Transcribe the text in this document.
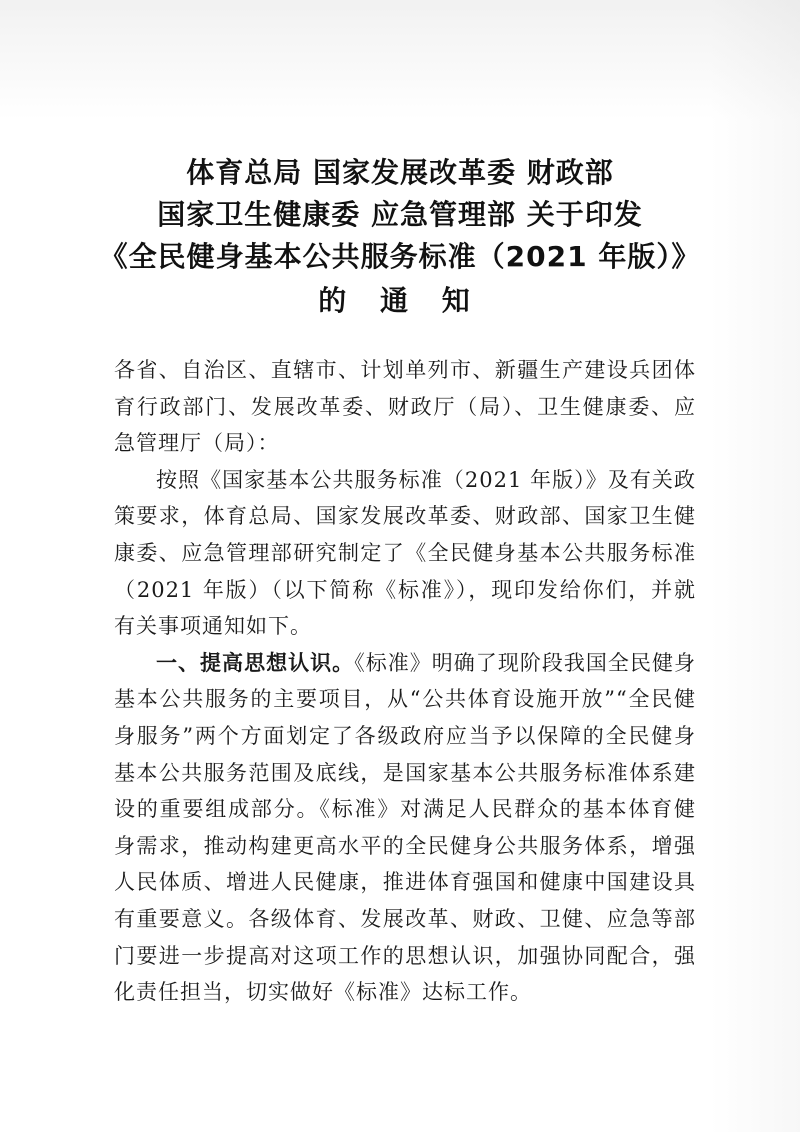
体育总局 国家发展改革委 财政部
国家卫生健康委 应急管理部 关于印发
《全民健身基本公共服务标准（2021 年版）》
的 通 知
各省、自治区、直辖市、计划单列市、新疆生产建设兵团体育行政部门、发展改革委、财政厅（局）、卫生健康委、应急管理厅（局）：
按照《国家基本公共服务标准（2021 年版）》及有关政策要求，体育总局、国家发展改革委、财政部、国家卫生健康委、应急管理部研究制定了《全民健身基本公共服务标准（2021 年版）（以下简称《标准》），现印发给你们，并就有关事项通知如下。
一、提高思想认识。《标准》明确了现阶段我国全民健身基本公共服务的主要项目，从“公共体育设施开放”“全民健身服务”两个方面划定了各级政府应当予以保障的全民健身基本公共服务范围及底线，是国家基本公共服务标准体系建设的重要组成部分。《标准》对满足人民群众的基本体育健身需求，推动构建更高水平的全民健身公共服务体系，增强人民体质、增进人民健康，推进体育强国和健康中国建设具有重要意义。各级体育、发展改革、财政、卫健、应急等部门要进一步提高对这项工作的思想认识，加强协同配合，强化责任担当，切实做好《标准》达标工作。
